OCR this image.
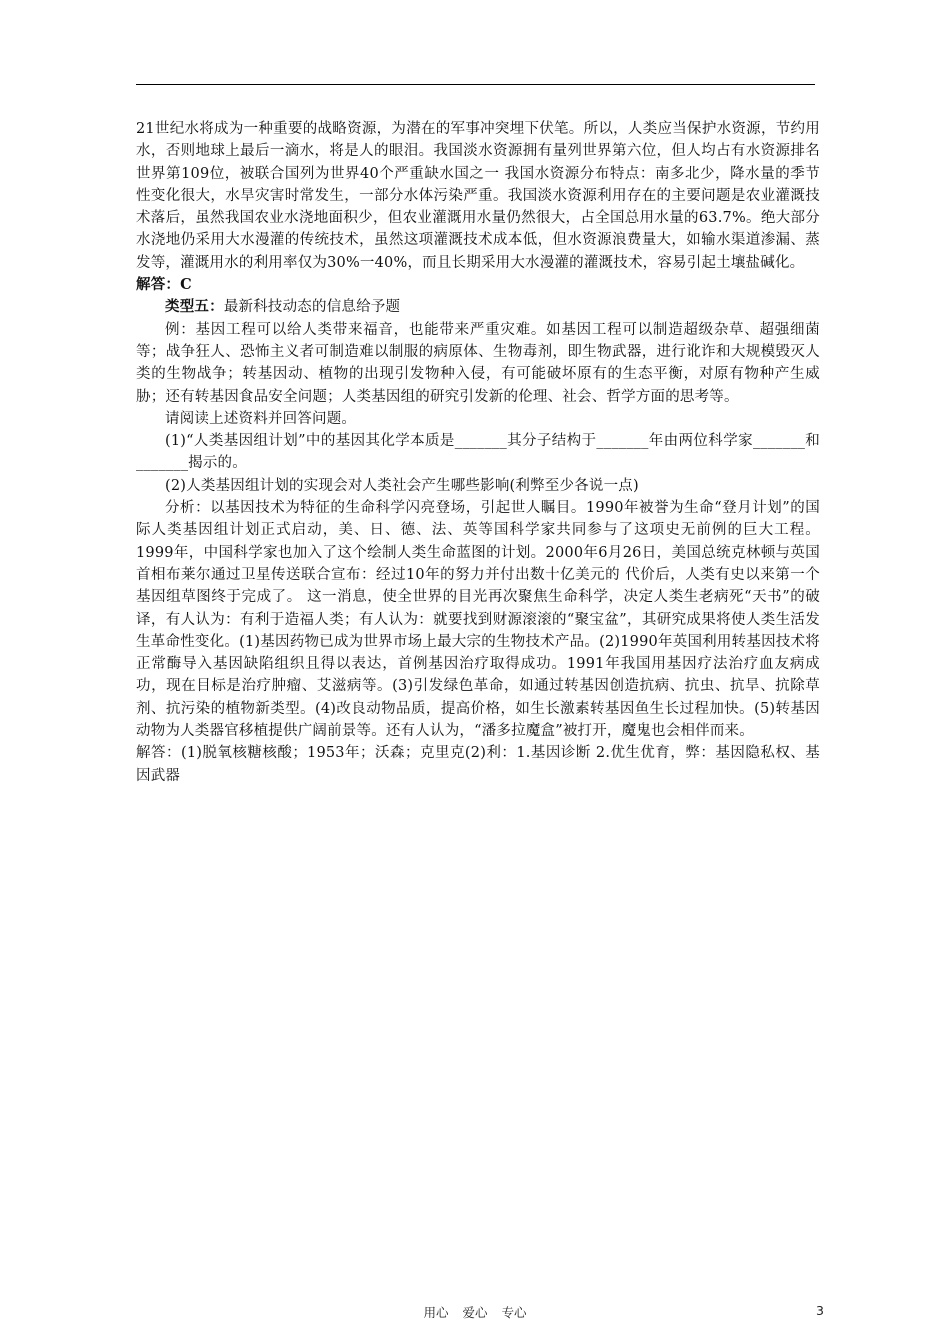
21世纪水将成为一种重要的战略资源，为潜在的军事冲突埋下伏笔。所以，人类应当保护水资源，节约用水，否则地球上最后一滴水，将是人的眼泪。我国淡水资源拥有量列世界第六位，但人均占有水资源排名世界第109位，被联合国列为世界40个严重缺水国之一 我国水资源分布特点：南多北少，降水量的季节性变化很大，水旱灾害时常发生，一部分水体污染严重。我国淡水资源利用存在的主要问题是农业灌溉技术落后，虽然我国农业水浇地面积少，但农业灌溉用水量仍然很大，占全国总用水量的63.7%。绝大部分水浇地仍采用大水漫灌的传统技术，虽然这项灌溉技术成本低，但水资源浪费量大，如输水渠道渗漏、蒸发等，灌溉用水的利用率仅为30%一40%，而且长期采用大水漫灌的灌溉技术，容易引起土壤盐碱化。

解答：C

类型五：最新科技动态的信息给予题

例：基因工程可以给人类带来福音，也能带来严重灾难。如基因工程可以制造超级杂草、超强细菌等；战争狂人、恐怖主义者可制造难以制服的病原体、生物毒剂，即生物武器，进行讹诈和大规模毁灭人类的生物战争；转基因动、植物的出现引发物种入侵，有可能破坏原有的生态平衡，对原有物种产生威胁；还有转基因食品安全问题；人类基因组的研究引发新的伦理、社会、哲学方面的思考等。

请阅读上述资料并回答问题。

(1)“人类基因组计划”中的基因其化学本质是_______其分子结构于_______年由两位科学家_______和_______揭示的。

(2)人类基因组计划的实现会对人类社会产生哪些影响(利弊至少各说一点)

分析：以基因技术为特征的生命科学闪亮登场，引起世人瞩目。1990年被誉为生命“登月计划”的国际人类基因组计划正式启动，美、日、德、法、英等国科学家共同参与了这项史无前例的巨大工程。1999年，中国科学家也加入了这个绘制人类生命蓝图的计划。2000年6月26日，美国总统克林顿与英国首相布莱尔通过卫星传送联合宣布：经过10年的努力并付出数十亿美元的 代价后，人类有史以来第一个基因组草图终于完成了。 这一消息，使全世界的目光再次聚焦生命科学，决定人类生老病死“天书”的破译，有人认为：有利于造福人类；有人认为：就要找到财源滚滚的“聚宝盆”，其研究成果将使人类生活发生革命性变化。(1)基因药物已成为世界市场上最大宗的生物技术产品。(2)1990年英国利用转基因技术将正常酶导入基因缺陷组织且得以表达，首例基因治疗取得成功。1991年我国用基因疗法治疗血友病成功，现在目标是治疗肿瘤、艾滋病等。(3)引发绿色革命，如通过转基因创造抗病、抗虫、抗旱、抗除草剂、抗污染的植物新类型。(4)改良动物品质，提高价格，如生长激素转基因鱼生长过程加快。(5)转基因动物为人类器官移植提供广阔前景等。还有人认为，“潘多拉魔盒”被打开，魔鬼也会相伴而来。

解答：(1)脱氧核糖核酸；1953年；沃森；克里克(2)利：1.基因诊断 2.优生优育，弊：基因隐私权、基因武器

用心 爱心 专心	3
